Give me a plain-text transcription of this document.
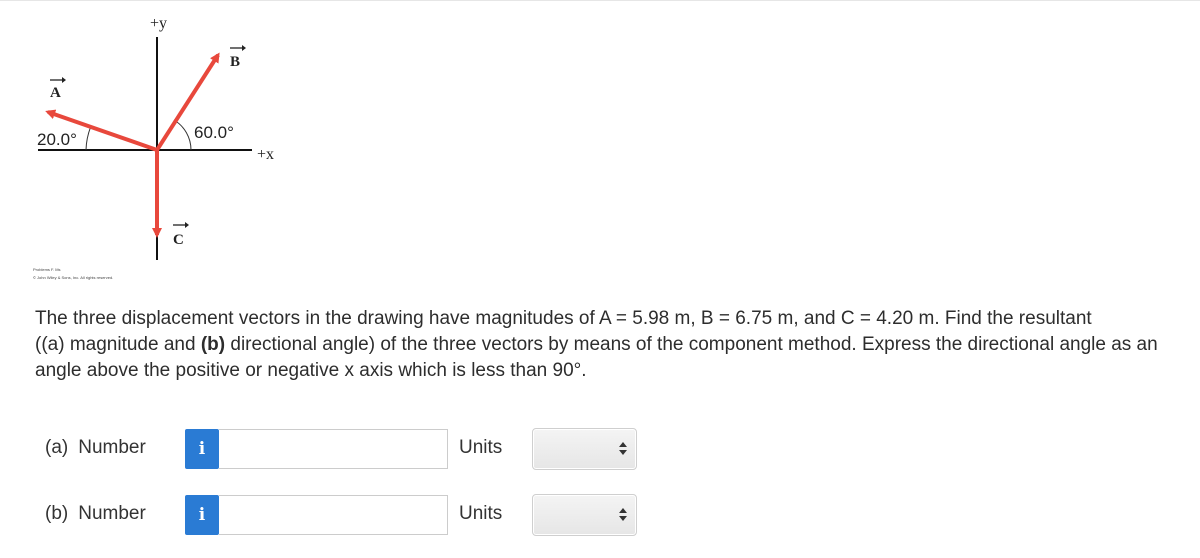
+y
+x
A
B
C
20.0°	60.0°
Problems F. Ms
© John Wiley & Sons, Inc. All rights reserved.

The three displacement vectors in the drawing have magnitudes of A = 5.98 m, B = 6.75 m, and C = 4.20 m. Find the resultant
((a) magnitude and (b) directional angle) of the three vectors by means of the component method. Express the directional angle as an
angle above the positive or negative x axis which is less than 90°.

(a) Number	i	Units
(b) Number	i	Units
